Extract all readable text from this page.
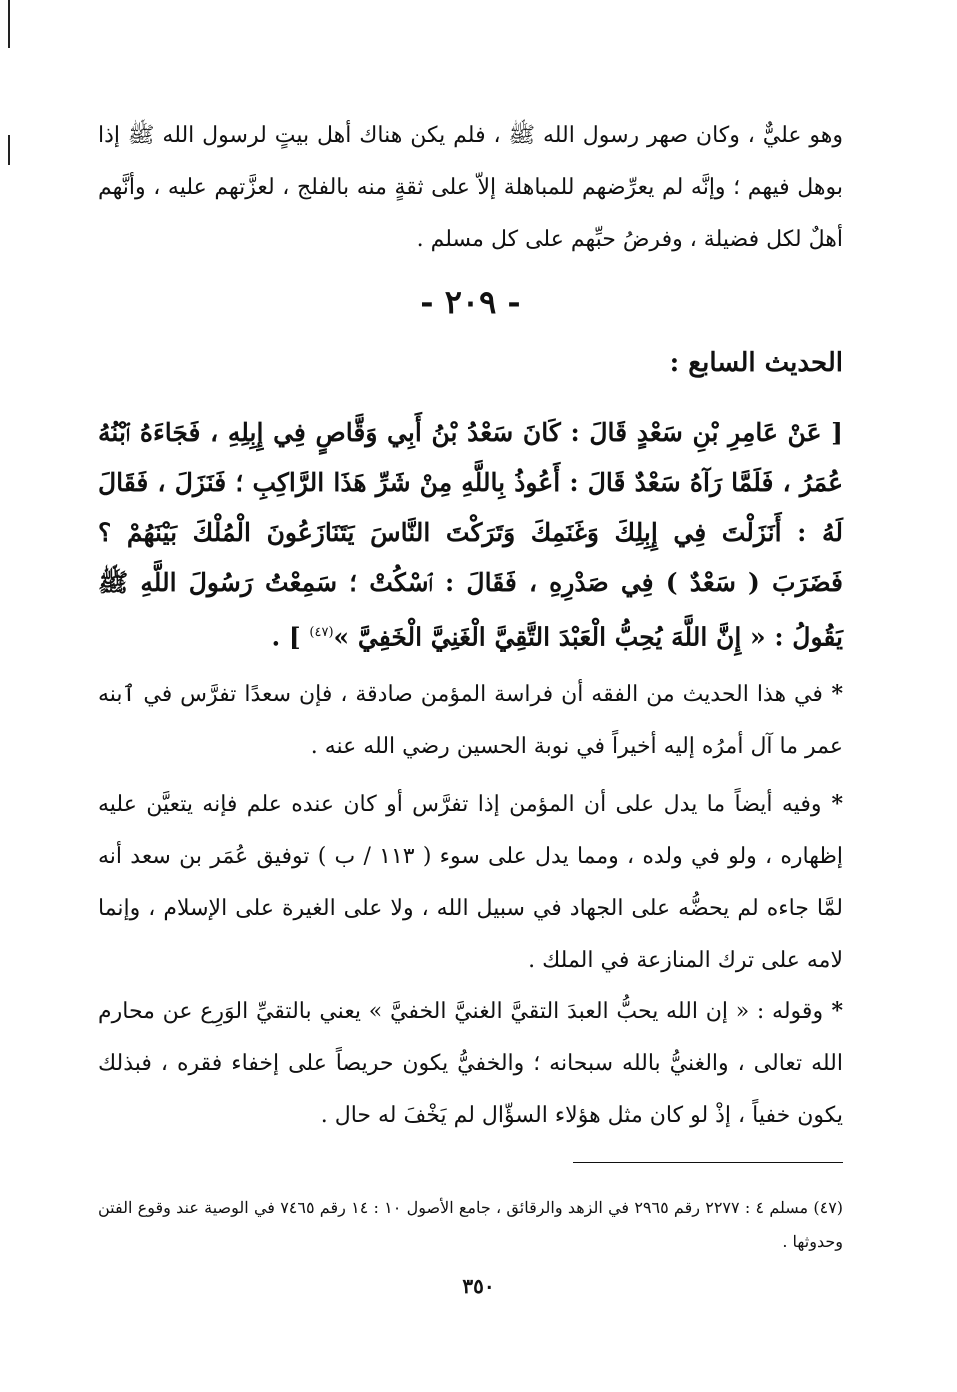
وهو عليٌّ ، وكان صهر رسول الله ﷺ ، فلم يكن هناك أهل بيتٍ لرسول الله ﷺ إذا بوهل فيهم ؛ وإنَّه لم يعرِّضهم للمباهلة إلاّ على ثقةٍ منه بالفلج ، لعزَّتهم عليه ، وأنَّهم أهلٌ لكل فضيلة ، وفرضُ حبِّهم على كل مسلم .

- ٢٠٩ -
الحديث السابع :

[ عَنْ عَامِرِ بْنِ سَعْدٍ قَالَ : كَانَ سَعْدُ بْنُ أَبِي وَقَّاصٍ فِي إِبِلِهِ ، فَجَاءَهُ ٱبْنُهُ عُمَرُ ، فَلَمَّا رَآهُ سَعْدٌ قَالَ : أَعُوذُ بِاللَّهِ مِنْ شَرِّ هَذَا الرَّاكِبِ ؛ فَنَزَلَ ، فَقَالَ لَهُ : أَنَزَلْتَ فِي إِبِلِكَ وَغَنَمِكَ وَتَرَكْتَ النَّاسَ يَتَنَازَعُونَ الْمُلْكَ بَيْنَهُمْ ؟ فَضَرَبَ ( سَعْدٌ ) فِي صَدْرِهِ ، فَقَالَ : ٱسْكُتْ ؛ سَمِعْتُ رَسُولَ اللَّهِ ﷺ يَقُولُ : « إِنَّ اللَّهَ يُحِبُّ الْعَبْدَ التَّقِيَّ الْغَنِيَّ الْخَفِيَّ »$^{(٤٧)}$ ] .

* في هذا الحديث من الفقه أن فراسة المؤمن صادقة ، فإن سعدًا تفرَّس في ٱبنه عمر ما آل أمرُه إليه أخيراً في نوبة الحسين رضي الله عنه .

* وفيه أيضاً ما يدل على أن المؤمن إذا تفرَّس أو كان عنده علم فإنه يتعيَّن عليه إظهاره ، ولو في ولده ، ومما يدل على سوء ( ١١٣ / ب ) توفيق عُمَر بن سعد أنه لمَّا جاءه لم يحضُّه على الجهاد في سبيل الله ، ولا على الغيرة على الإسلام ، وإنما لامه على ترك المنازعة في الملك .

* وقوله : « إن الله يحبُّ العبدَ التقيَّ الغنيَّ الخفيَّ » يعني بالتقيِّ الوَرِع عن محارم الله تعالى ، والغنيُّ بالله سبحانه ؛ والخفيُّ يكون حريصاً على إخفاء فقره ، فبذلك يكون خفياً ، إذْ لو كان مثل هؤلاء السؤّال لم يَخْفَ له حال .

(٤٧) مسلم ٤ : ٢٢٧٧ رقم ٢٩٦٥ في الزهد والرقائق ، جامع الأصول ١٠ : ١٤ رقم ٧٤٦٥ في الوصية عند وقوع الفتن وحدوثها .

٣٥٠
